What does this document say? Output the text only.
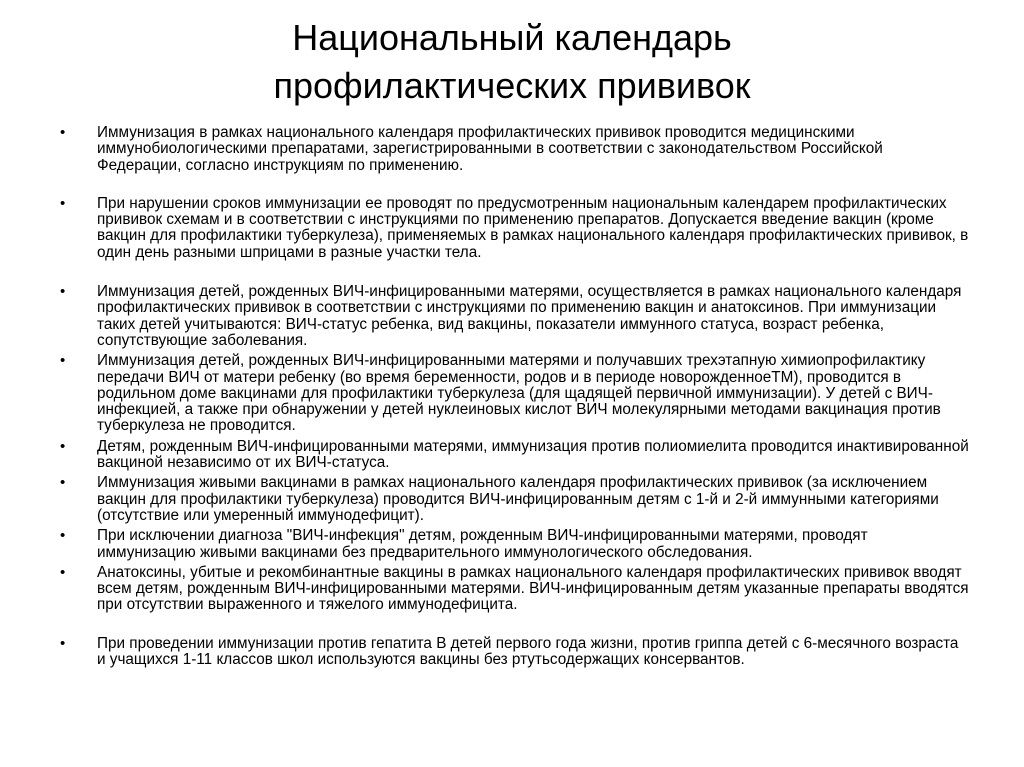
Национальный календарь
профилактических прививок
•	Иммунизация в рамках национального календаря профилактических прививок проводится медицинскими иммунобиологическими препаратами, зарегистрированными в соответствии с законодательством Российской Федерации, согласно инструкциям по применению.
•	При нарушении сроков иммунизации ее проводят по предусмотренным национальным календарем профилактических прививок схемам и в соответствии с инструкциями по применению препаратов. Допускается введение вакцин (кроме вакцин для профилактики туберкулеза), применяемых в рамках национального календаря профилактических прививок, в один день разными шприцами в разные участки тела.
•	Иммунизация детей, рожденных ВИЧ-инфицированными матерями, осуществляется в рамках национального календаря профилактических прививок в соответствии с инструкциями по применению вакцин и анатоксинов. При иммунизации таких детей учитываются: ВИЧ-статус ребенка, вид вакцины, показатели иммунного статуса, возраст ребенка, сопутствующие заболевания.
•	Иммунизация детей, рожденных ВИЧ-инфицированными матерями и получавших трехэтапную химиопрофилактику передачи ВИЧ от матери ребенку (во время беременности, родов и в периоде новорожденноеТМ), проводится в родильном доме вакцинами для профилактики туберкулеза (для щадящей первичной иммунизации). У детей с ВИЧ-инфекцией, а также при обнаружении у детей нуклеиновых кислот ВИЧ молекулярными методами вакцинация против туберкулеза не проводится.
•	Детям, рожденным ВИЧ-инфицированными матерями, иммунизация против полиомиелита проводится инактивированной вакциной независимо от их ВИЧ-статуса.
•	Иммунизация живыми вакцинами в рамках национального календаря профилактических прививок (за исключением вакцин для профилактики туберкулеза) проводится ВИЧ-инфицированным детям с 1-й и 2-й иммунными категориями (отсутствие или умеренный иммунодефицит).
•	При исключении диагноза "ВИЧ-инфекция" детям, рожденным ВИЧ-инфицированными матерями, проводят иммунизацию живыми вакцинами без предварительного иммунологического обследования.
•	Анатоксины, убитые и рекомбинантные вакцины в рамках национального календаря профилактических прививок вводят всем детям, рожденным ВИЧ-инфицированными матерями. ВИЧ-инфицированным детям указанные препараты вводятся при отсутствии выраженного и тяжелого иммунодефицита.
•	При проведении иммунизации против гепатита В детей первого года жизни, против гриппа детей с 6-месячного возраста и учащихся 1-11 классов школ используются вакцины без ртутьсодержащих консервантов.
